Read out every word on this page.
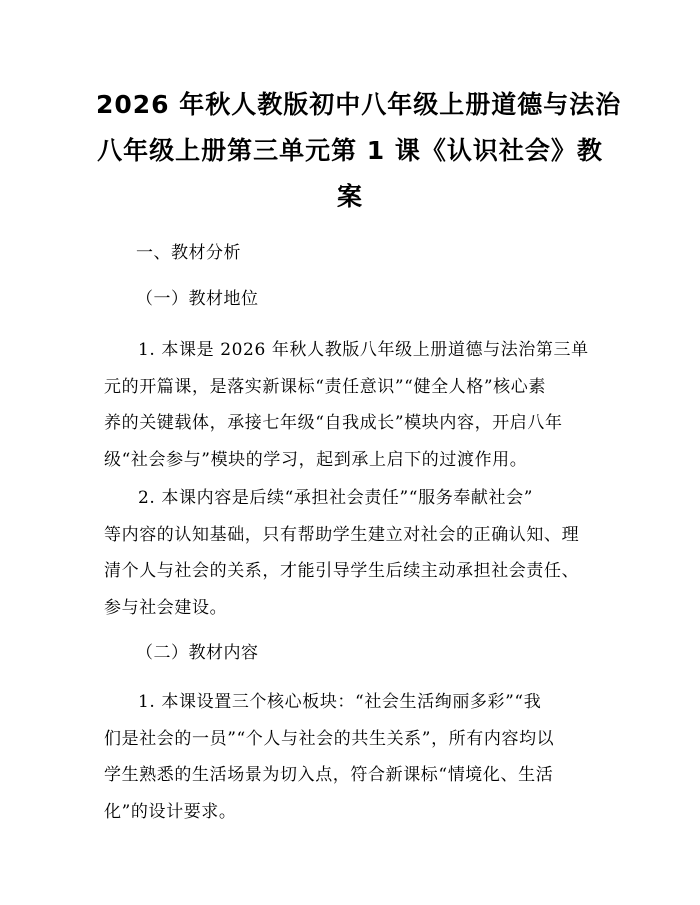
2026 年秋人教版初中八年级上册道德与法治
八年级上册第三单元第 1 课《认识社会》教
案
一、教材分析
（一）教材地位
1. 本课是 2026 年秋人教版八年级上册道德与法治第三单
元的开篇课，是落实新课标“责任意识”“健全人格”核心素
养的关键载体，承接七年级“自我成长”模块内容，开启八年
级“社会参与”模块的学习，起到承上启下的过渡作用。
2. 本课内容是后续“承担社会责任”“服务奉献社会”
等内容的认知基础，只有帮助学生建立对社会的正确认知、理
清个人与社会的关系，才能引导学生后续主动承担社会责任、
参与社会建设。
（二）教材内容
1. 本课设置三个核心板块：“社会生活绚丽多彩”“我
们是社会的一员”“个人与社会的共生关系”，所有内容均以
学生熟悉的生活场景为切入点，符合新课标“情境化、生活
化”的设计要求。
